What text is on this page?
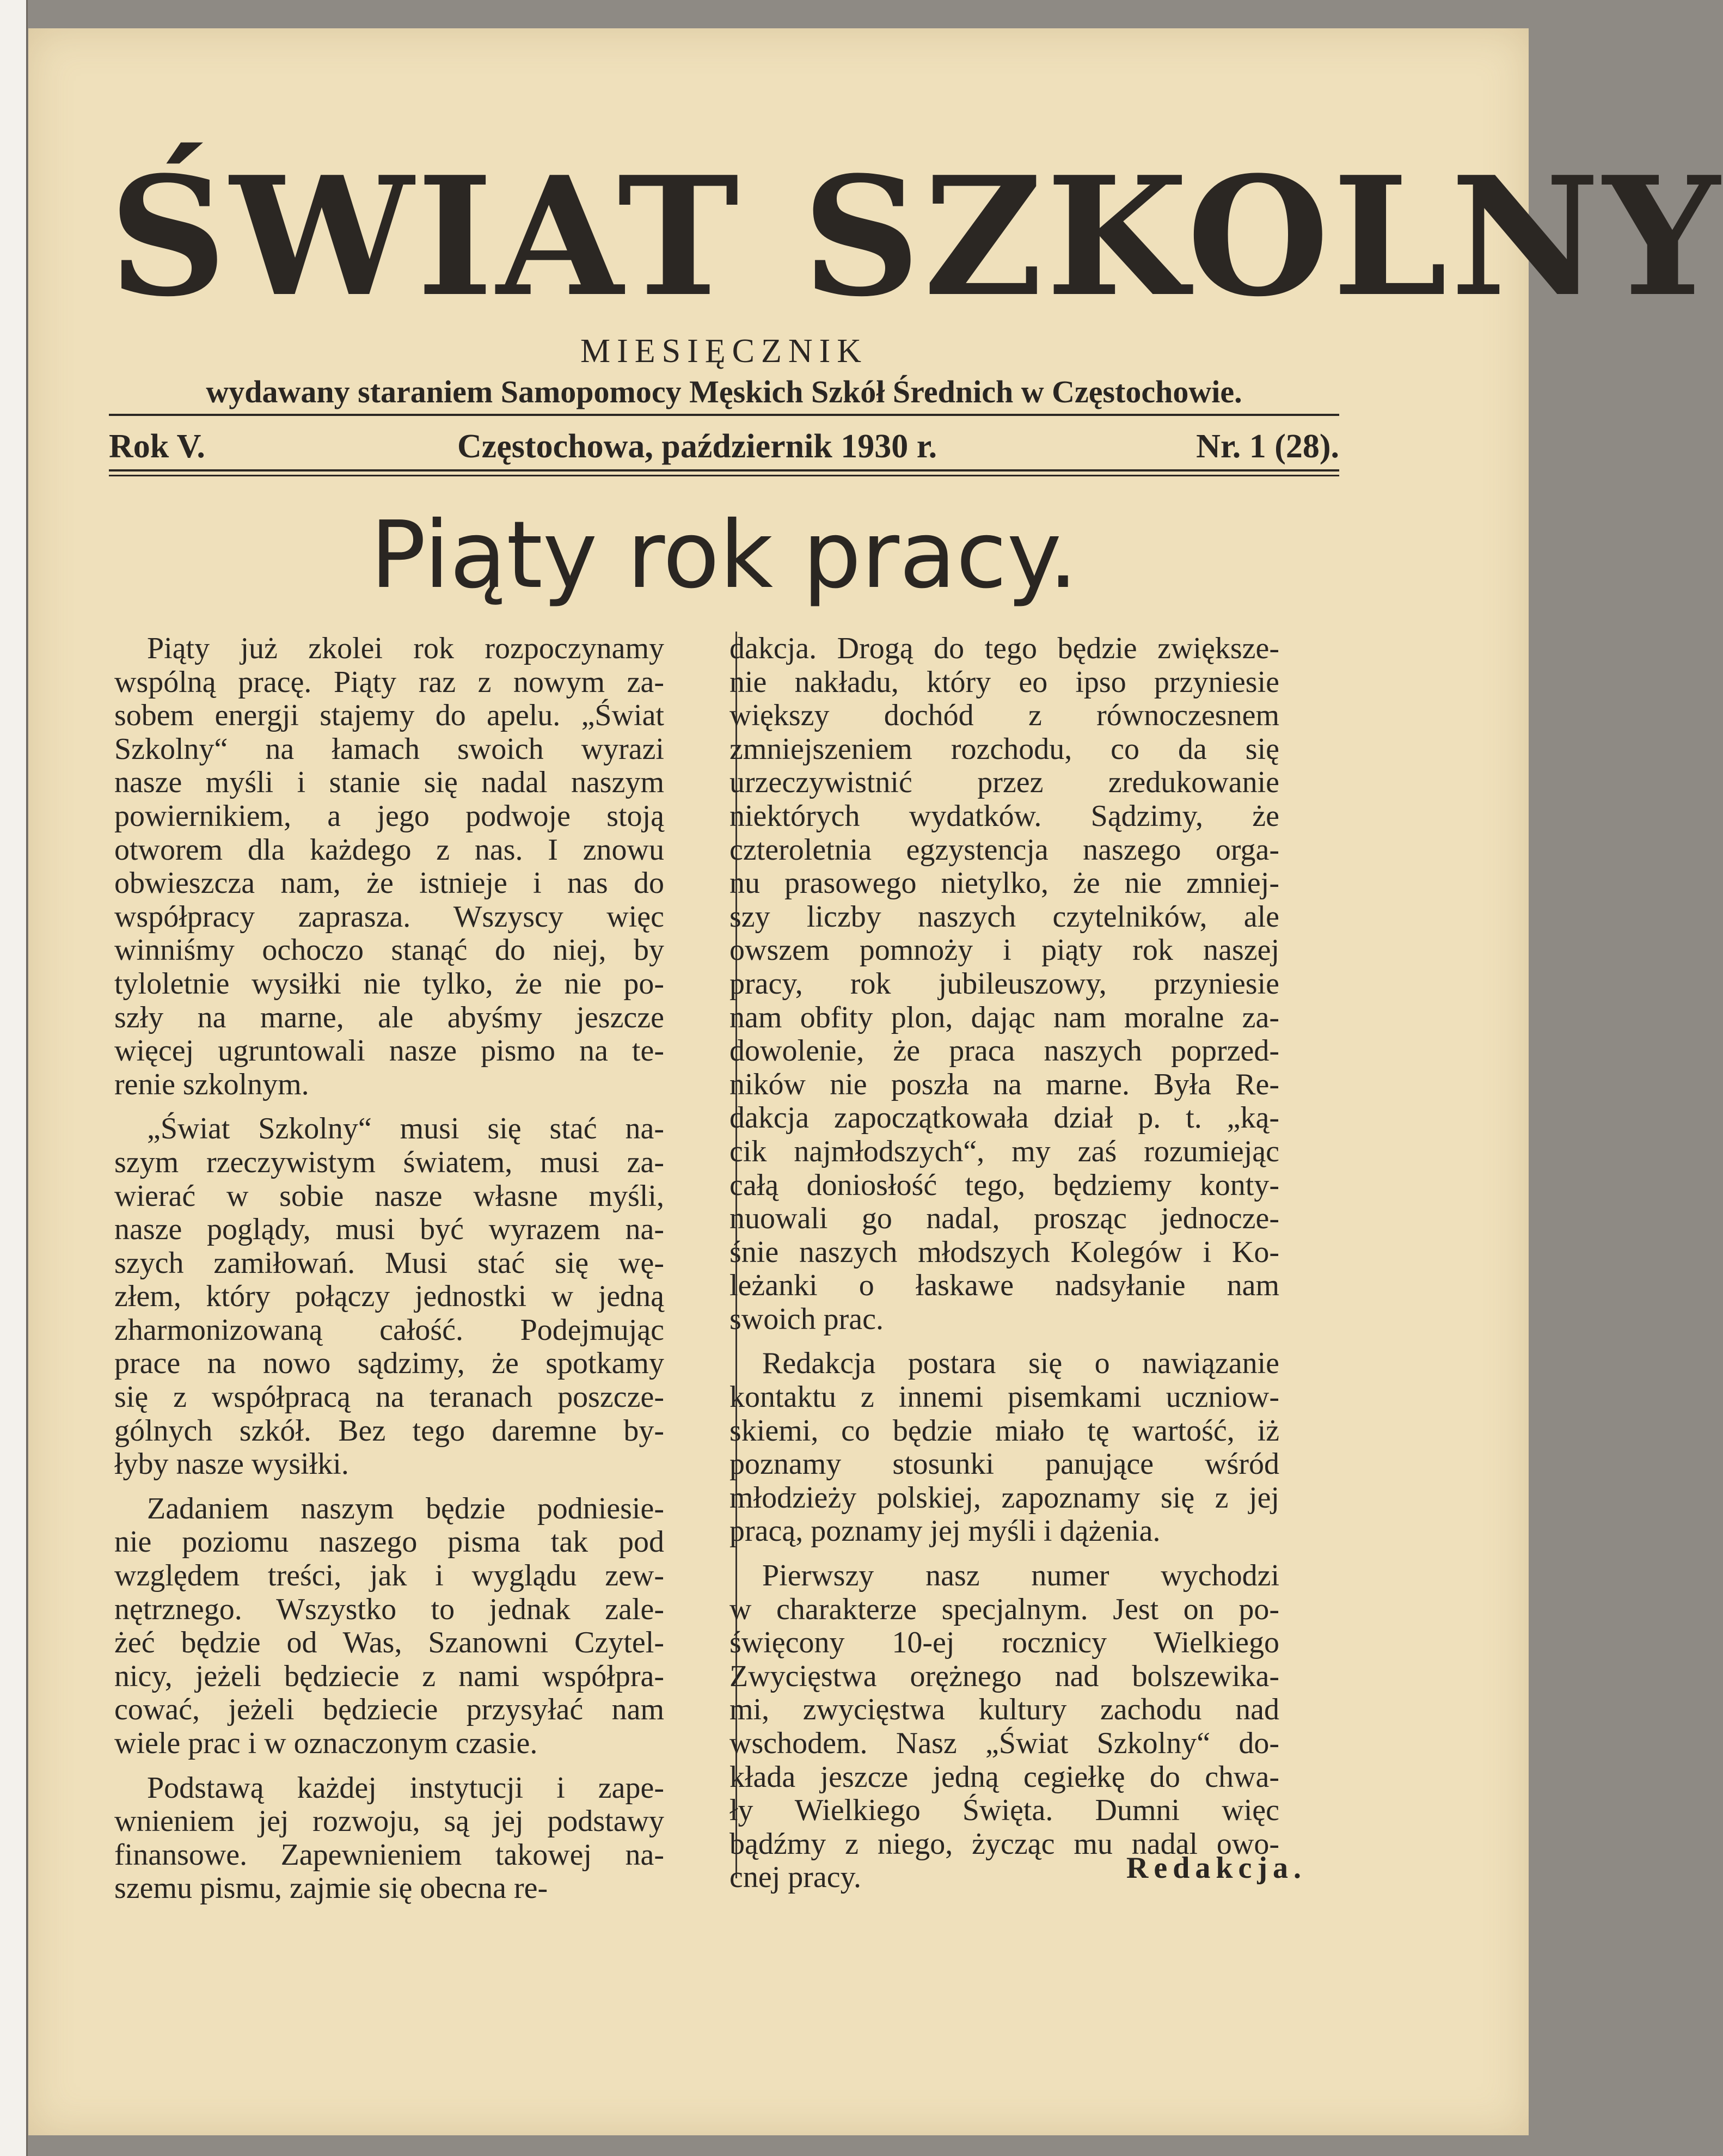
ŚWIAT SZKOLNY
MIESIĘCZNIK
wydawany staraniem Samopomocy Męskich Szkół Średnich w Częstochowie.
Rok V.	Częstochowa, październik 1930 r.	Nr. 1 (28).
Piąty rok pracy.

Piąty już zkolei rok rozpoczynamy

wspólną pracę. Piąty raz z nowym za-

sobem energji stajemy do apelu. „Świat

Szkolny“ na łamach swoich wyrazi

nasze myśli i stanie się nadal naszym

powiernikiem, a jego podwoje stoją

otworem dla każdego z nas. I znowu

obwieszcza nam, że istnieje i nas do

współpracy zaprasza. Wszyscy więc

winniśmy ochoczo stanąć do niej, by

tyloletnie wysiłki nie tylko, że nie po-

szły na marne, ale abyśmy jeszcze

więcej ugruntowali nasze pismo na te-

renie szkolnym.

„Świat Szkolny“ musi się stać na-

szym rzeczywistym światem, musi za-

wierać w sobie nasze własne myśli,

nasze poglądy, musi być wyrazem na-

szych zamiłowań. Musi stać się wę-

złem, który połączy jednostki w jedną

zharmonizowaną całość. Podejmując

prace na nowo sądzimy, że spotkamy

się z współpracą na teranach poszcze-

gólnych szkół. Bez tego daremne by-

łyby nasze wysiłki.

Zadaniem naszym będzie podniesie-

nie poziomu naszego pisma tak pod

względem treści, jak i wyglądu zew-

nętrznego. Wszystko to jednak zale-

żeć będzie od Was, Szanowni Czytel-

nicy, jeżeli będziecie z nami współpra-

cować, jeżeli będziecie przysyłać nam

wiele prac i w oznaczonym czasie.

Podstawą każdej instytucji i zape-

wnieniem jej rozwoju, są jej podstawy

finansowe. Zapewnieniem takowej na-

szemu pismu, zajmie się obecna re-

dakcja. Drogą do tego będzie zwiększe-

nie nakładu, który eo ipso przyniesie

większy dochód z równoczesnem

zmniejszeniem rozchodu, co da się

urzeczywistnić przez zredukowanie

niektórych wydatków. Sądzimy, że

czteroletnia egzystencja naszego orga-

nu prasowego nietylko, że nie zmniej-

szy liczby naszych czytelników, ale

owszem pomnoży i piąty rok naszej

pracy, rok jubileuszowy, przyniesie

nam obfity plon, dając nam moralne za-

dowolenie, że praca naszych poprzed-

ników nie poszła na marne. Była Re-

dakcja zapoczątkowała dział p. t. „ką-

cik najmłodszych“, my zaś rozumiejąc

całą doniosłość tego, będziemy konty-

nuowali go nadal, prosząc jednocze-

śnie naszych młodszych Kolegów i Ko-

leżanki o łaskawe nadsyłanie nam

swoich prac.

Redakcja postara się o nawiązanie

kontaktu z innemi pisemkami uczniow-

skiemi, co będzie miało tę wartość, iż

poznamy stosunki panujące wśród

młodzieży polskiej, zapoznamy się z jej

pracą, poznamy jej myśli i dążenia.

Pierwszy nasz numer wychodzi

w charakterze specjalnym. Jest on po-

święcony 10-ej rocznicy Wielkiego

Zwycięstwa orężnego nad bolszewika-

mi, zwycięstwa kultury zachodu nad

wschodem. Nasz „Świat Szkolny“ do-

kłada jeszcze jedną cegiełkę do chwa-

ły Wielkiego Święta. Dumni więc

bądźmy z niego, życząc mu nadal owo-

cnej pracy.	Redakcja.
